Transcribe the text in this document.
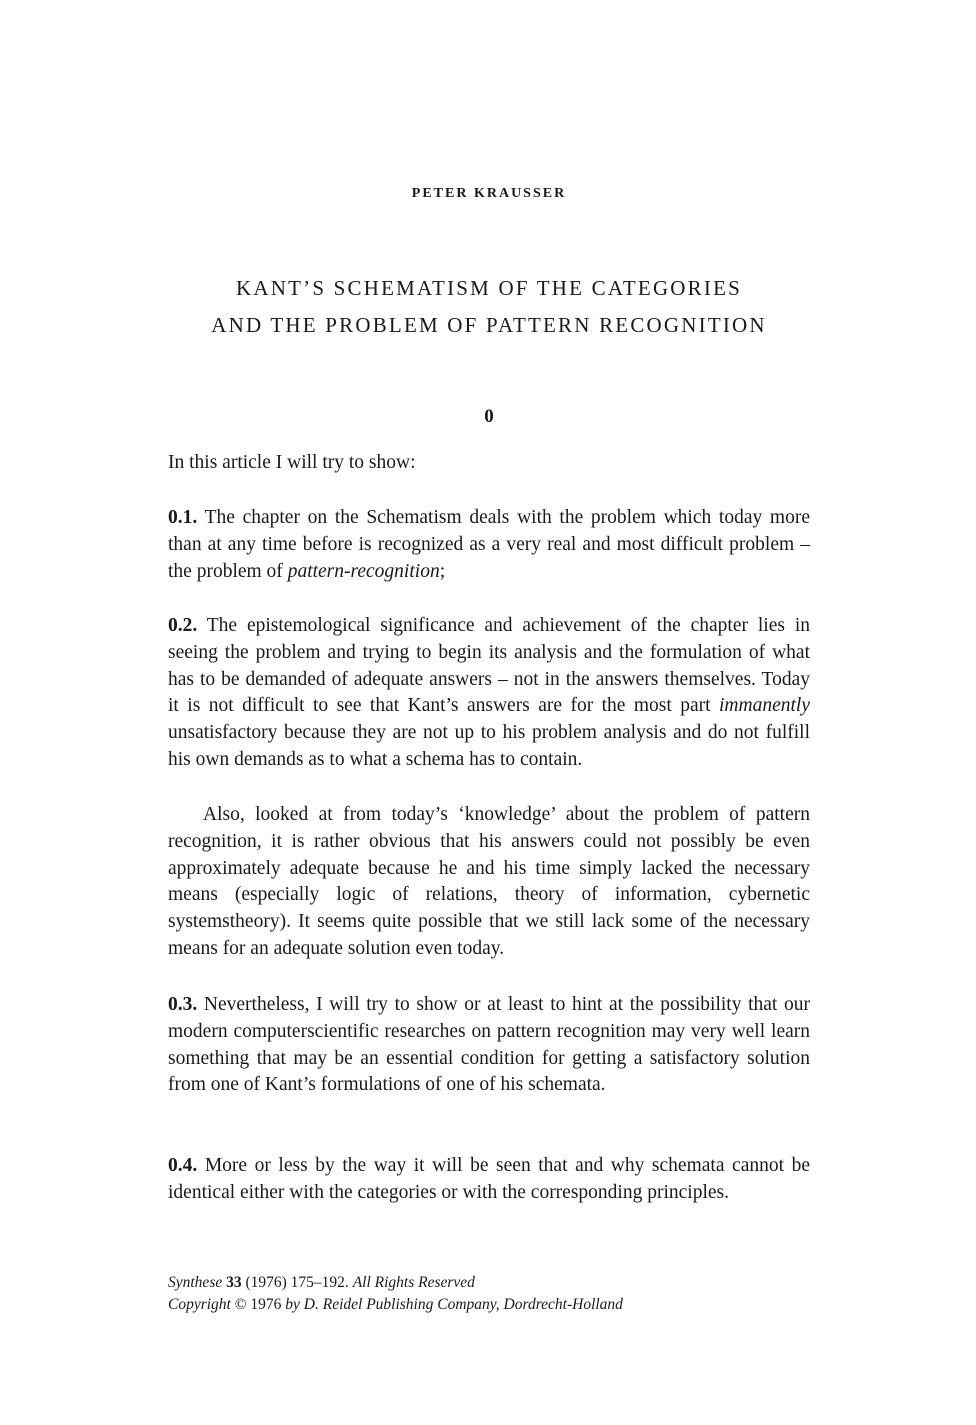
PETER KRAUSSER
KANT’S SCHEMATISM OF THE CATEGORIES
AND THE PROBLEM OF PATTERN RECOGNITION
0

In this article I will try to show:

0.1. The chapter on the Schematism deals with the problem which today more than at any time before is recognized as a very real and most difficult problem – the problem of pattern-recognition;

0.2. The epistemological significance and achievement of the chapter lies in seeing the problem and trying to begin its analysis and the formulation of what has to be demanded of adequate answers – not in the answers themselves. Today it is not difficult to see that Kant’s answers are for the most part immanently unsatisfactory because they are not up to his problem analysis and do not fulfill his own demands as to what a schema has to contain.

Also, looked at from today’s ‘knowledge’ about the problem of pattern recognition, it is rather obvious that his answers could not possibly be even approximately adequate because he and his time simply lacked the necessary means (especially logic of relations, theory of information, cybernetic systemstheory). It seems quite possible that we still lack some of the necessary means for an adequate solution even today.

0.3. Nevertheless, I will try to show or at least to hint at the possibility that our modern computerscientific researches on pattern recognition may very well learn something that may be an essential condition for getting a satisfactory solution from one of Kant’s formulations of one of his schemata.

0.4. More or less by the way it will be seen that and why schemata cannot be identical either with the categories or with the corresponding principles.

Synthese 33 (1976) 175–192. All Rights Reserved
Copyright © 1976 by D. Reidel Publishing Company, Dordrecht-Holland
